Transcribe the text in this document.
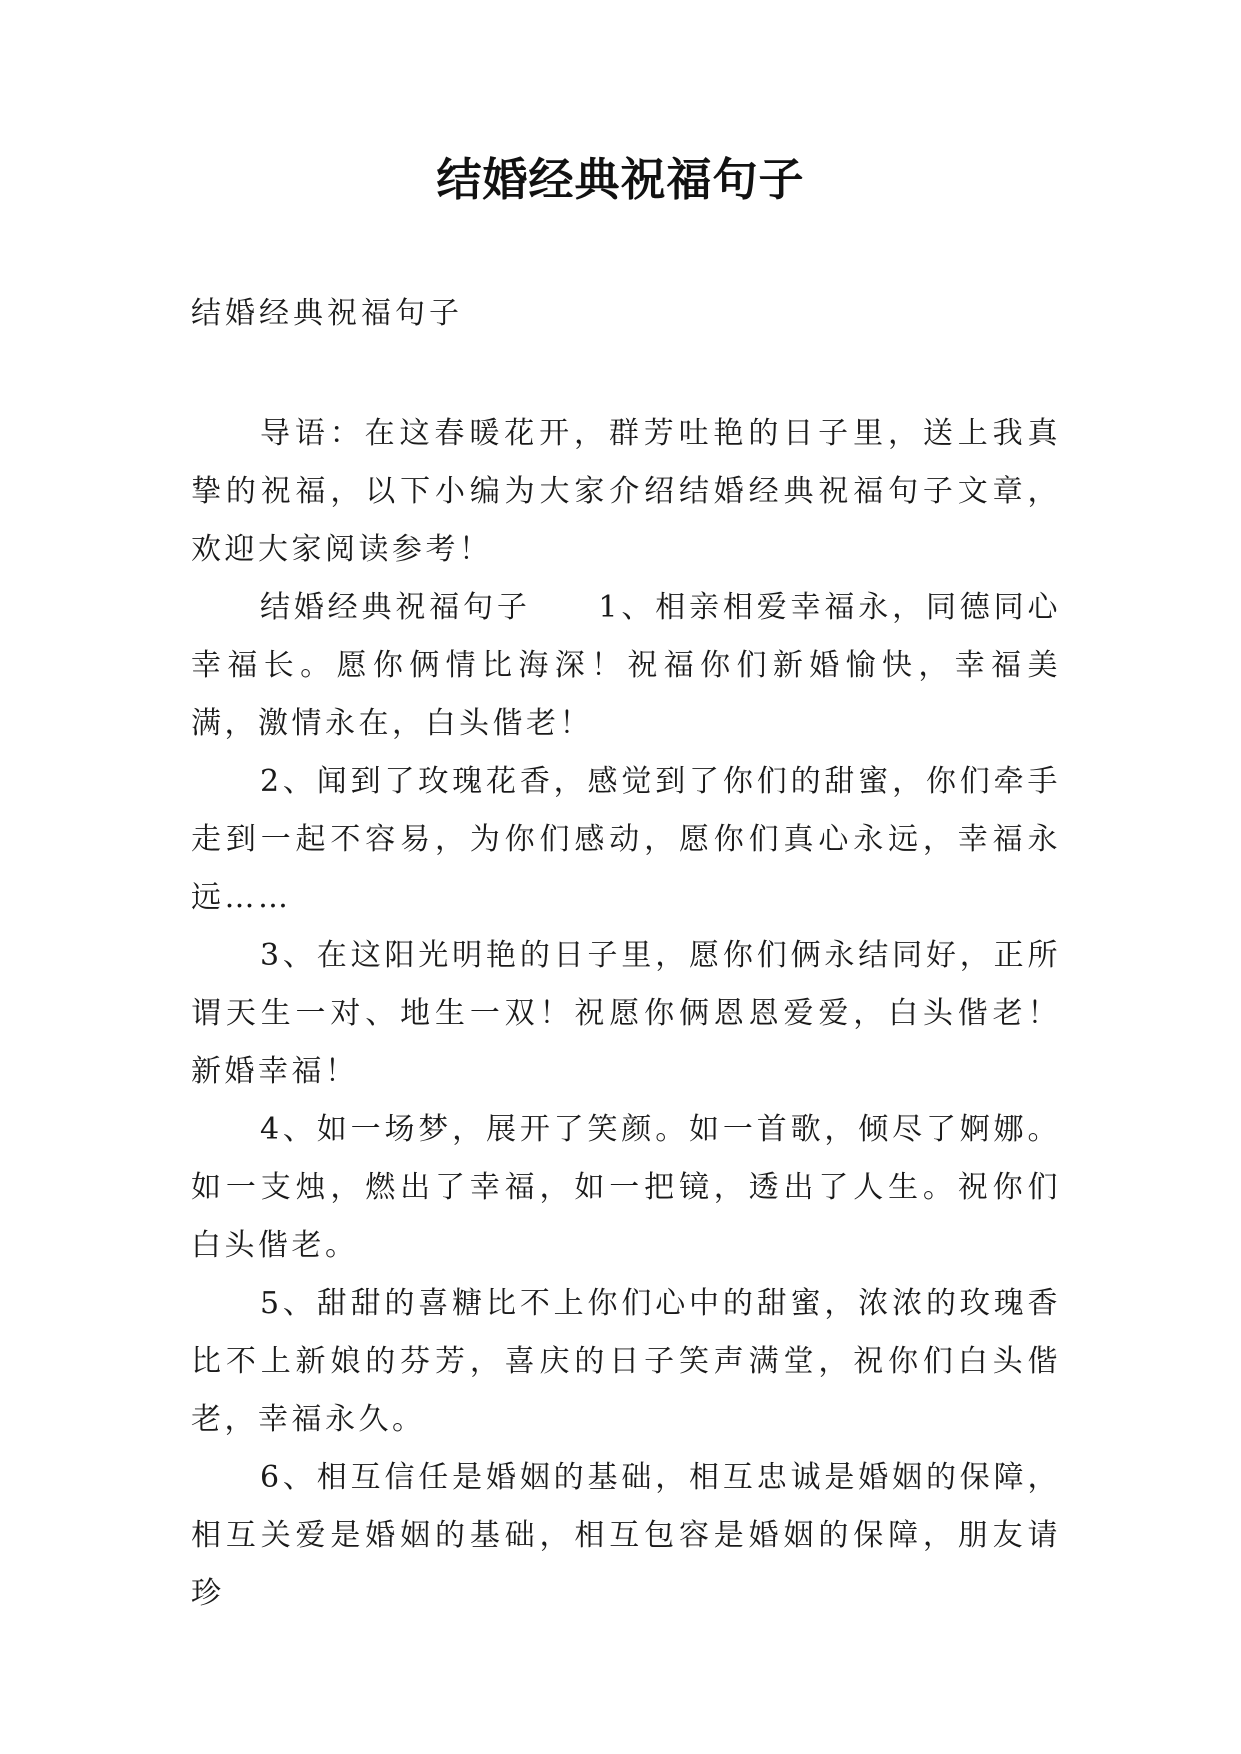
结婚经典祝福句子

结婚经典祝福句子

导语：在这春暖花开，群芳吐艳的日子里，送上我真挚的祝福，以下小编为大家介绍结婚经典祝福句子文章，欢迎大家阅读参考！

结婚经典祝福句子　　1、相亲相爱幸福永，同德同心幸福长。愿你俩情比海深！祝福你们新婚愉快，幸福美满，激情永在，白头偕老！

2、闻到了玫瑰花香，感觉到了你们的甜蜜，你们牵手走到一起不容易，为你们感动，愿你们真心永远，幸福永远……

3、在这阳光明艳的日子里，愿你们俩永结同好，正所谓天生一对、地生一双！祝愿你俩恩恩爱爱，白头偕老！新婚幸福！

4、如一场梦，展开了笑颜。如一首歌，倾尽了婀娜。如一支烛，燃出了幸福，如一把镜，透出了人生。祝你们白头偕老。

5、甜甜的喜糖比不上你们心中的甜蜜，浓浓的玫瑰香比不上新娘的芬芳，喜庆的日子笑声满堂，祝你们白头偕老，幸福永久。

6、相互信任是婚姻的基础，相互忠诚是婚姻的保障，相互关爱是婚姻的基础，相互包容是婚姻的保障，朋友请珍
